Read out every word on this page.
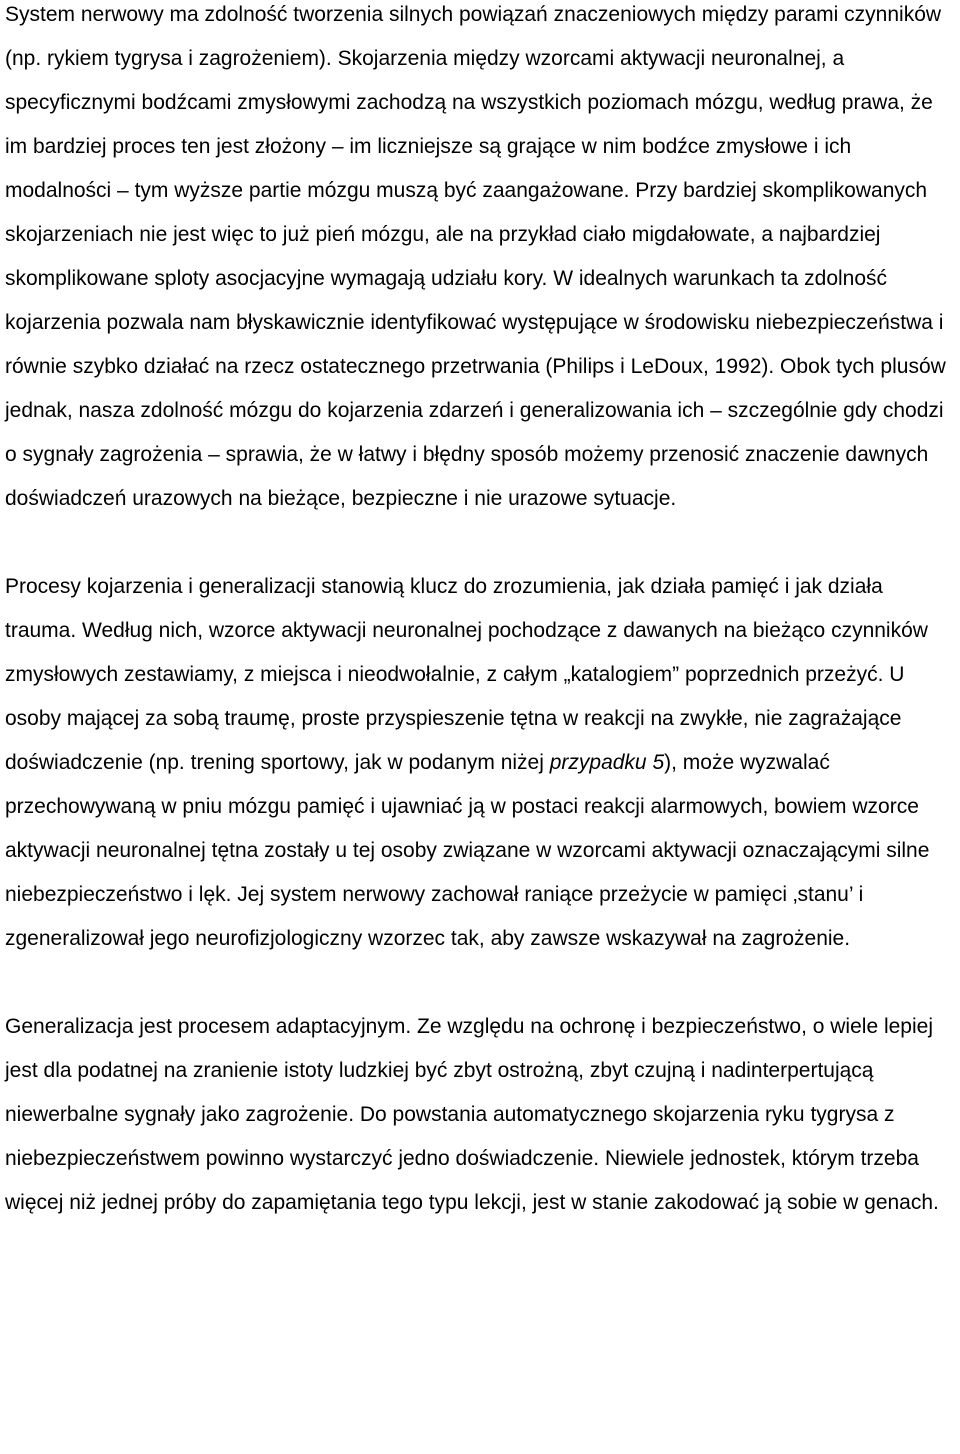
System nerwowy ma zdolność tworzenia silnych powiązań znaczeniowych między parami czynników (np. rykiem tygrysa i zagrożeniem). Skojarzenia między wzorcami aktywacji neuronalnej, a specyficznymi bodźcami zmysłowymi zachodzą na wszystkich poziomach mózgu, według prawa, że im bardziej proces ten jest złożony – im liczniejsze są grające w nim bodźce zmysłowe i ich modalności – tym wyższe partie mózgu muszą być zaangażowane. Przy bardziej skomplikowanych skojarzeniach nie jest więc to już pień mózgu, ale na przykład ciało migdałowate, a najbardziej skomplikowane sploty asocjacyjne wymagają udziału kory. W idealnych warunkach ta zdolność kojarzenia pozwala nam błyskawicznie identyfikować występujące w środowisku niebezpieczeństwa i równie szybko działać na rzecz ostatecznego przetrwania (Philips i LeDoux, 1992). Obok tych plusów jednak, nasza zdolność mózgu do kojarzenia zdarzeń i generalizowania ich – szczególnie gdy chodzi o sygnały zagrożenia – sprawia, że w łatwy i błędny sposób możemy przenosić znaczenie dawnych doświadczeń urazowych na bieżące, bezpieczne i nie urazowe sytuacje.

Procesy kojarzenia i generalizacji stanowią klucz do zrozumienia, jak działa pamięć i jak działa trauma. Według nich, wzorce aktywacji neuronalnej pochodzące z dawanych na bieżąco czynników zmysłowych zestawiamy, z miejsca i nieodwołalnie, z całym „katalogiem” poprzednich przeżyć. U osoby mającej za sobą traumę, proste przyspieszenie tętna w reakcji na zwykłe, nie zagrażające doświadczenie (np. trening sportowy, jak w podanym niżej przypadku 5), może wyzwalać przechowywaną w pniu mózgu pamięć i ujawniać ją w postaci reakcji alarmowych, bowiem wzorce aktywacji neuronalnej tętna zostały u tej osoby związane w wzorcami aktywacji oznaczającymi silne niebezpieczeństwo i lęk. Jej system nerwowy zachował raniące przeżycie w pamięci ‚stanu’ i zgeneralizował jego neurofizjologiczny wzorzec tak, aby zawsze wskazywał na zagrożenie.

Generalizacja jest procesem adaptacyjnym. Ze względu na ochronę i bezpieczeństwo, o wiele lepiej jest dla podatnej na zranienie istoty ludzkiej być zbyt ostrożną, zbyt czujną i nadinterpertującą niewerbalne sygnały jako zagrożenie. Do powstania automatycznego skojarzenia ryku tygrysa z niebezpieczeństwem powinno wystarczyć jedno doświadczenie. Niewiele jednostek, którym trzeba więcej niż jednej próby do zapamiętania tego typu lekcji, jest w stanie zakodować ją sobie w genach.
